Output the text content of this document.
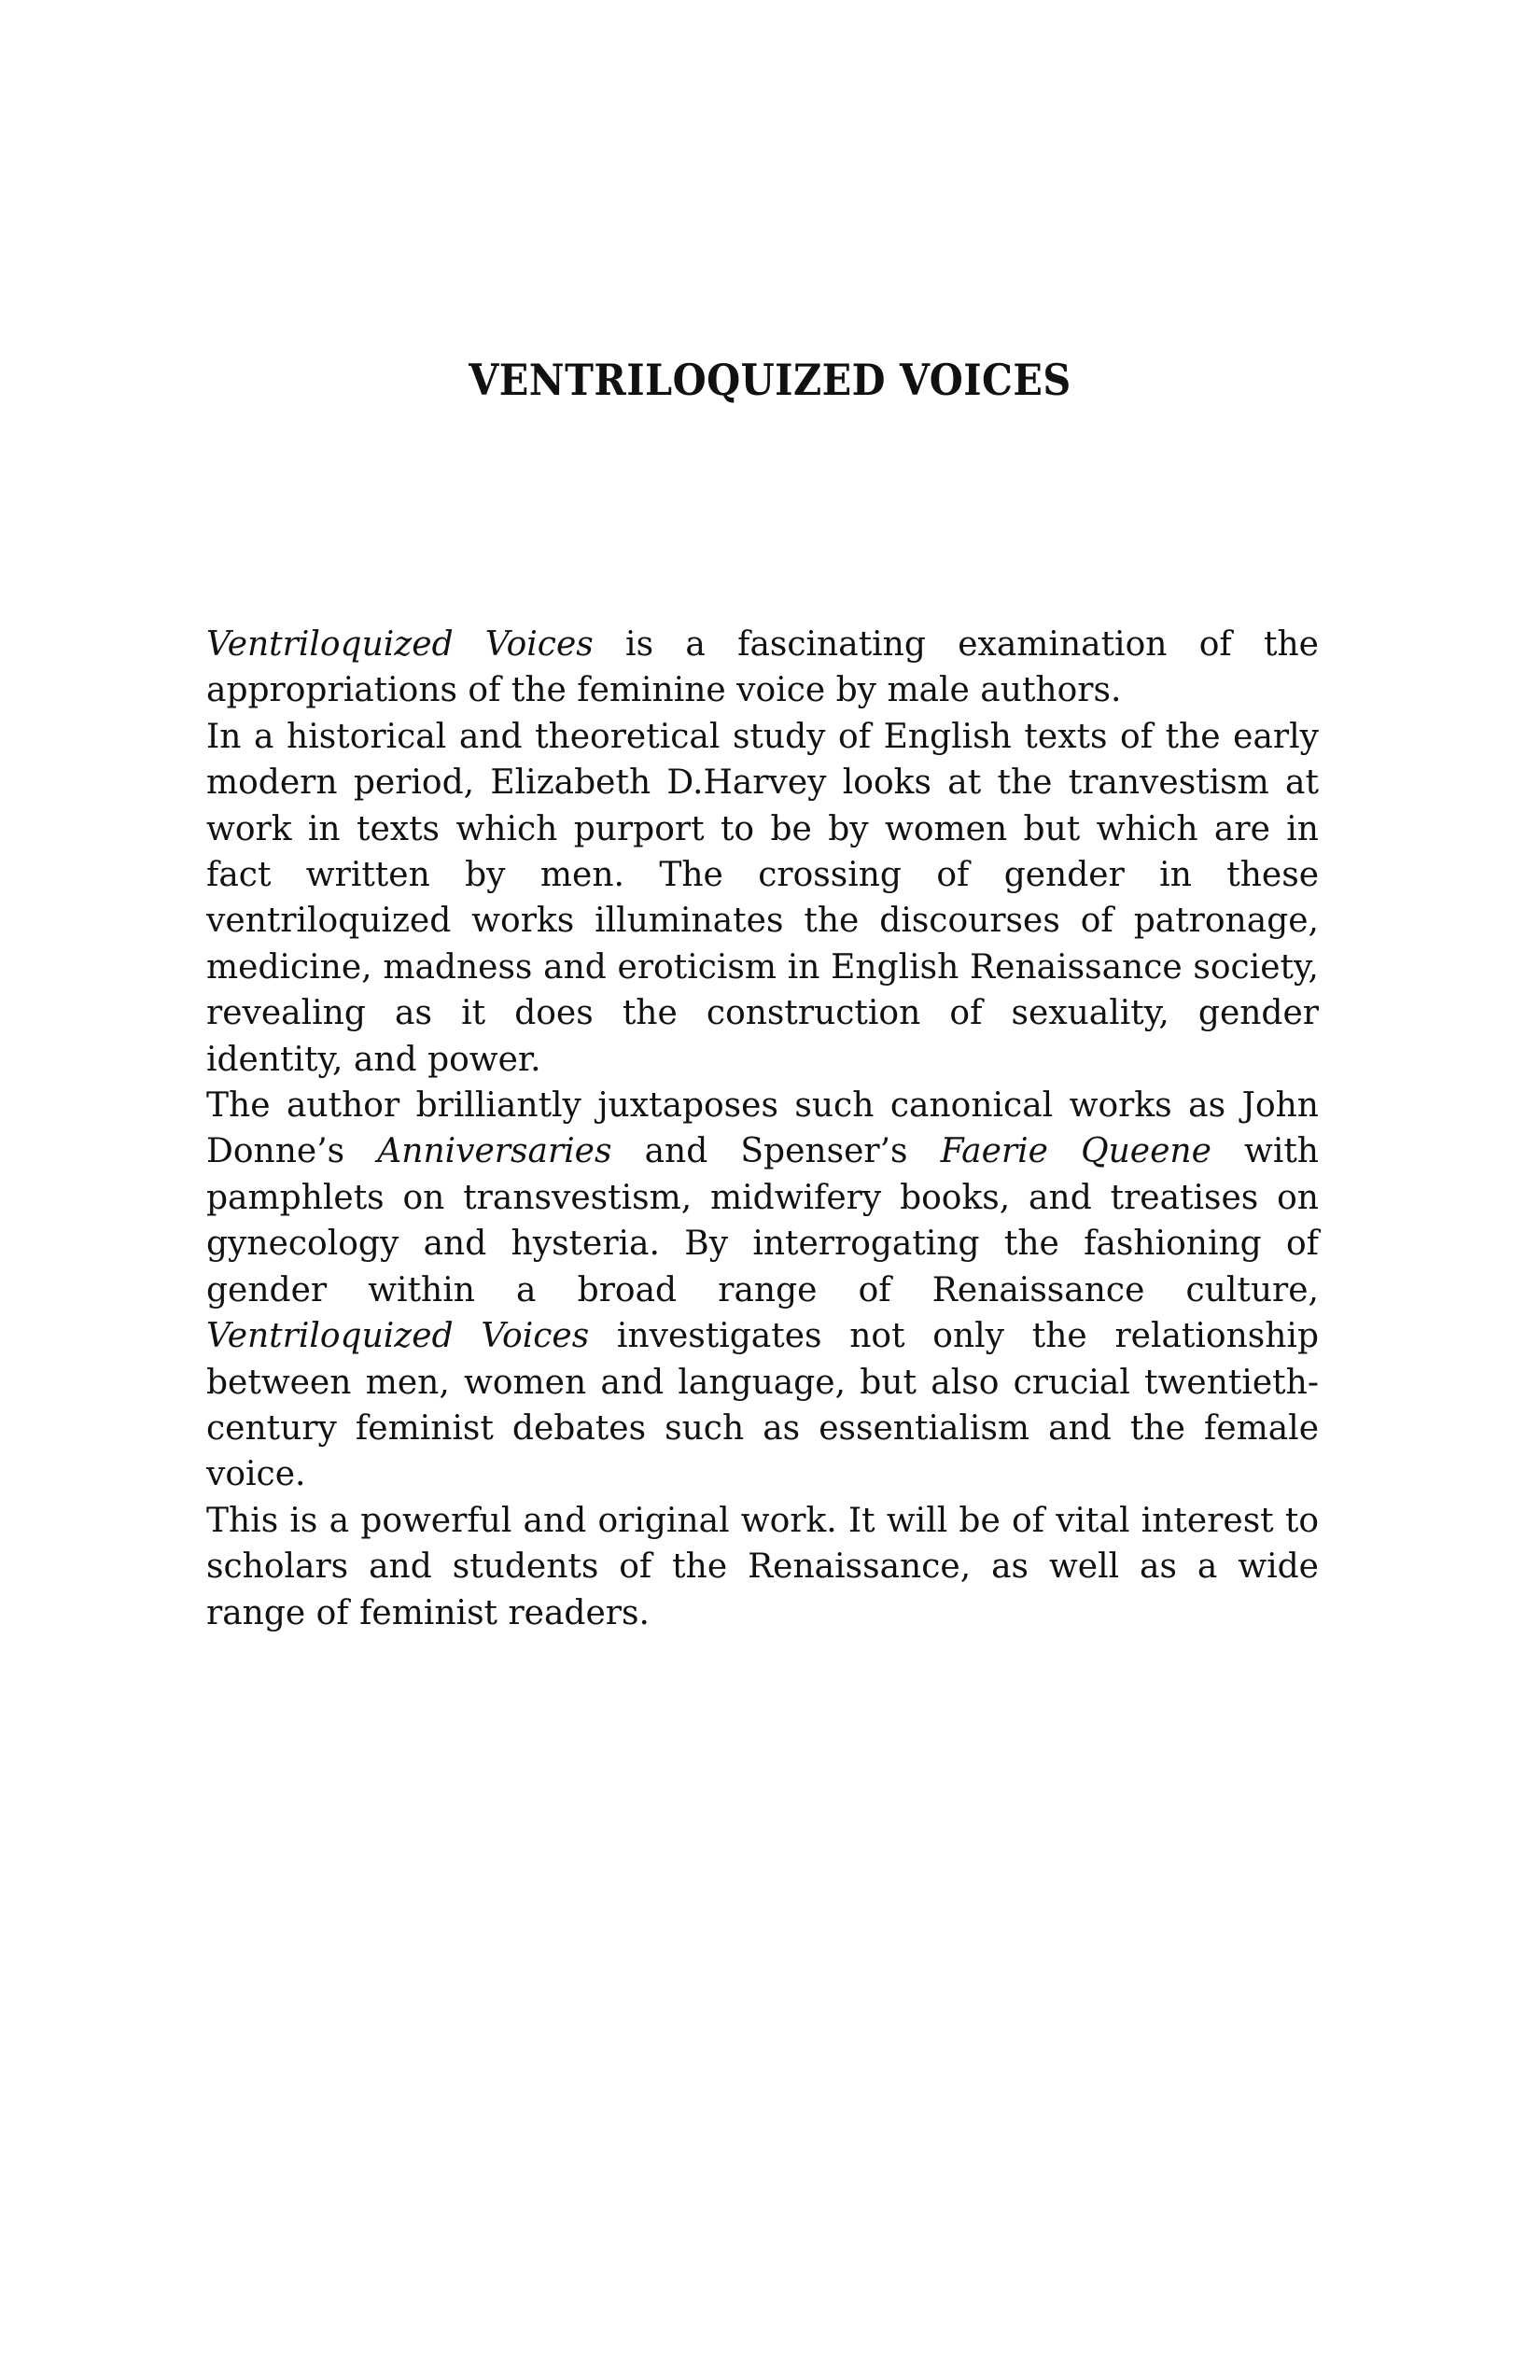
VENTRILOQUIZED VOICES

Ventriloquized Voices is a fascinating examination of the appropriations of the feminine voice by male authors.

In a historical and theoretical study of English texts of the early modern period, Elizabeth D.Harvey looks at the tranvestism at work in texts which purport to be by women but which are in fact written by men. The crossing of gender in these ventriloquized works illuminates the discourses of patronage, medicine, madness and eroticism in English Renaissance society, revealing as it does the construction of sexuality, gender identity, and power.

The author brilliantly juxtaposes such canonical works as John Donne’s Anniversaries and Spenser’s Faerie Queene with pamphlets on transvestism, midwifery books, and treatises on gynecology and hysteria. By interrogating the fashioning of gender within a broad range of Renaissance culture, Ventriloquized Voices investigates not only the relationship between men, women and language, but also crucial twentieth-century feminist debates such as essentialism and the female voice.

This is a powerful and original work. It will be of vital interest to scholars and students of the Renaissance, as well as a wide range of feminist readers.
